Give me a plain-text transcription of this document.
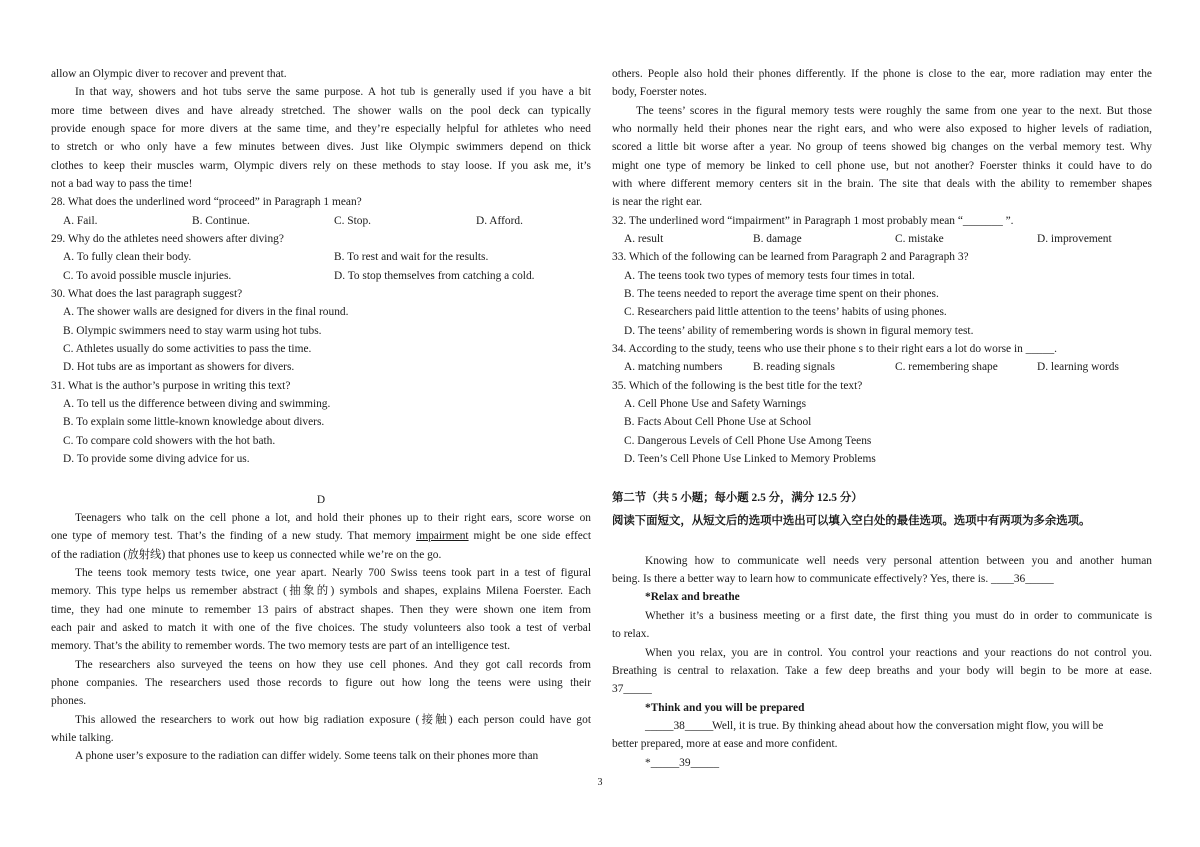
allow an Olympic diver to recover and prevent that.
In that way, showers and hot tubs serve the same purpose. A hot tub is generally used if you have a bit
more time between dives and have already stretched. The shower walls on the pool deck can typically
provide enough space for more divers at the same time, and they’re especially helpful for athletes who need
to stretch or who only have a few minutes between dives. Just like Olympic swimmers depend on thick
clothes to keep their muscles warm, Olympic divers rely on these methods to stay loose. If you ask me, it’s
not a bad way to pass the time!
28. What does the underlined word “proceed” in Paragraph 1 mean?
A. Fail.	B. Continue.	C. Stop.	D. Afford.
29. Why do the athletes need showers after diving?
A. To fully clean their body.	B. To rest and wait for the results.
C. To avoid possible muscle injuries.	D. To stop themselves from catching a cold.
30. What does the last paragraph suggest?
A. The shower walls are designed for divers in the final round.
B. Olympic swimmers need to stay warm using hot tubs.
C. Athletes usually do some activities to pass the time.
D. Hot tubs are as important as showers for divers.
31. What is the author’s purpose in writing this text?
A. To tell us the difference between diving and swimming.
B. To explain some little-known knowledge about divers.
C. To compare cold showers with the hot bath.
D. To provide some diving advice for us.
D
Teenagers who talk on the cell phone a lot, and hold their phones up to their right ears, score worse on
one type of memory test. That’s the finding of a new study. That memory impairment might be one side effect
of the radiation (放射线) that phones use to keep us connected while we’re on the go.
The teens took memory tests twice, one year apart. Nearly 700 Swiss teens took part in a test of figural
memory. This type helps us remember abstract (抽象的) symbols and shapes, explains Milena Foerster. Each
time, they had one minute to remember 13 pairs of abstract shapes. Then they were shown one item from
each pair and asked to match it with one of the five choices. The study volunteers also took a test of verbal
memory. That’s the ability to remember words. The two memory tests are part of an intelligence test.
The researchers also surveyed the teens on how they use cell phones. And they got call records from
phone companies. The researchers used those records to figure out how long the teens were using their
phones.
This allowed the researchers to work out how big radiation exposure (接触) each person could have got
while talking.
A phone user’s exposure to the radiation can differ widely. Some teens talk on their phones more than
others. People also hold their phones differently. If the phone is close to the ear, more radiation may enter the
body, Foerster notes.
The teens’ scores in the figural memory tests were roughly the same from one year to the next. But those
who normally held their phones near the right ears, and who were also exposed to higher levels of radiation,
scored a little bit worse after a year. No group of teens showed big changes on the verbal memory test. Why
might one type of memory be linked to cell phone use, but not another? Foerster thinks it could have to do
with where different memory centers sit in the brain. The site that deals with the ability to remember shapes
is near the right ear.
32. The underlined word “impairment” in Paragraph 1 most probably mean “_______ ”.
A. result	B. damage	C. mistake	D. improvement
33. Which of the following can be learned from Paragraph 2 and Paragraph 3?
A. The teens took two types of memory tests four times in total.
B. The teens needed to report the average time spent on their phones.
C. Researchers paid little attention to the teens’ habits of using phones.
D. The teens’ ability of remembering words is shown in figural memory test.
34. According to the study, teens who use their phone s to their right ears a lot do worse in _____.
A. matching numbers	B. reading signals	C. remembering shape	D. learning words
35. Which of the following is the best title for the text?
A. Cell Phone Use and Safety Warnings
B. Facts About Cell Phone Use at School
C. Dangerous Levels of Cell Phone Use Among Teens
D. Teen’s Cell Phone Use Linked to Memory Problems
第二节（共 5 小题；每小题 2.5 分，满分 12.5 分）
阅读下面短文，从短文后的选项中选出可以填入空白处的最佳选项。选项中有两项为多余选项。
Knowing how to communicate well needs very personal attention between you and another human
being. Is there a better way to learn how to communicate effectively? Yes, there is. ____36_____
*Relax and breathe
Whether it’s a business meeting or a first date, the first thing you must do in order to communicate is
to relax.
When you relax, you are in control. You control your reactions and your reactions do not control you.
Breathing is central to relaxation. Take a few deep breaths and your body will begin to be more at ease.
37_____
*Think and you will be prepared
_____38_____
Well, it is true. By thinking ahead about how the conversation might flow, you will be
better prepared, more at ease and more confident.
*_____39_____
3
